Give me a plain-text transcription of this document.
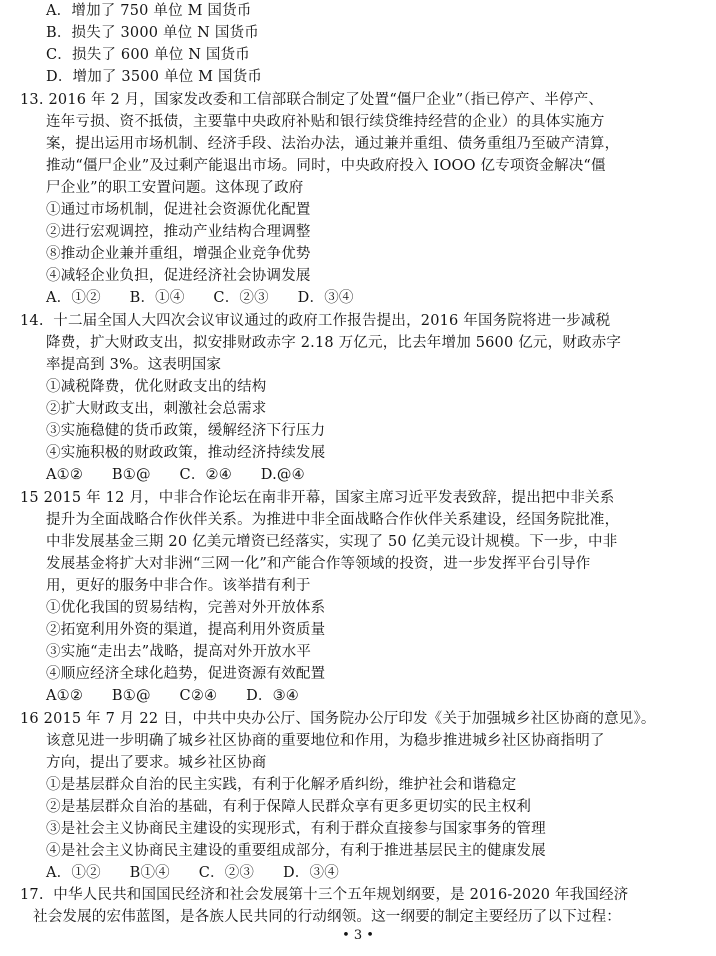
A．增加了 750 单位 M 国货币
B．损失了 3000 单位 N 国货币
C．损失了 600 单位 N 国货币
D．增加了 3500 单位 M 国货币
13. 2016 年 2 月，国家发改委和工信部联合制定了处置“僵尸企业”（指已停产、半停产、
连年亏损、资不抵债，主要靠中央政府补贴和银行续贷维持经营的企业）的具体实施方
案，提出运用市场机制、经济手段、法治办法，通过兼并重组、债务重组乃至破产清算，
推动“僵尸企业”及过剩产能退出市场。同时，中央政府投入 IOOO 亿专项资金解决“僵
尸企业”的职工安置问题。这体现了政府
①通过市场机制，促进社会资源优化配置
②进行宏观调控，推动产业结构合理调整
⑧推动企业兼并重组，增强企业竞争优势
④减轻企业负担，促进经济社会协调发展
A．①②      B．①④      C．②③      D．③④
14.  十二届全国人大四次会议审议通过的政府工作报告提出，2016 年国务院将进一步减税
降费，扩大财政支出，拟安排财政赤字 2.18 万亿元，比去年增加 5600 亿元，财政赤字
率提高到 3%。这表明国家
①减税降费，优化财政支出的结构
②扩大财政支出，刺激社会总需求
③实施稳健的货币政策，缓解经济下行压力
④实施积极的财政政策，推动经济持续发展
A①②      B①@      C．②④      D.@④
15 2015 年 12 月，中非合作论坛在南非开幕，国家主席习近平发表致辞，提出把中非关系
提升为全面战略合作伙伴关系。为推进中非全面战略合作伙伴关系建设，经国务院批准，
中非发展基金三期 20 亿美元增资已经落实，实现了 50 亿美元设计规模。下一步，中非
发展基金将扩大对非洲“三网一化”和产能合作等领域的投资，进一步发挥平台引导作
用，更好的服务中非合作。该举措有利于
①优化我国的贸易结构，完善对外开放体系
②拓宽利用外资的渠道，提高利用外资质量
③实施“走出去”战略，提高对外开放水平
④顺应经济全球化趋势，促进资源有效配置
A①②      B①@      C②④      D．③④
16 2015 年 7 月 22 日，中共中央办公厅、国务院办公厅印发《关于加强城乡社区协商的意见》。
该意见进一步明确了城乡社区协商的重要地位和作用，为稳步推进城乡社区协商指明了
方向，提出了要求。城乡社区协商
①是基层群众自治的民主实践，有利于化解矛盾纠纷，维护社会和谐稳定
②是基层群众自治的基础，有利于保障人民群众享有更多更切实的民主权利
③是社会主义协商民主建设的实现形式，有利于群众直接参与国家事务的管理
④是社会主义协商民主建设的重要组成部分，有利于推进基层民主的健康发展
A．①②      B①④      C．②③      D．③④
17.  中华人民共和国国民经济和社会发展第十三个五年规划纲要，是 2016-2020 年我国经济
社会发展的宏伟蓝图，是各族人民共同的行动纲领。这一纲要的制定主要经历了以下过程：
• 3 •
